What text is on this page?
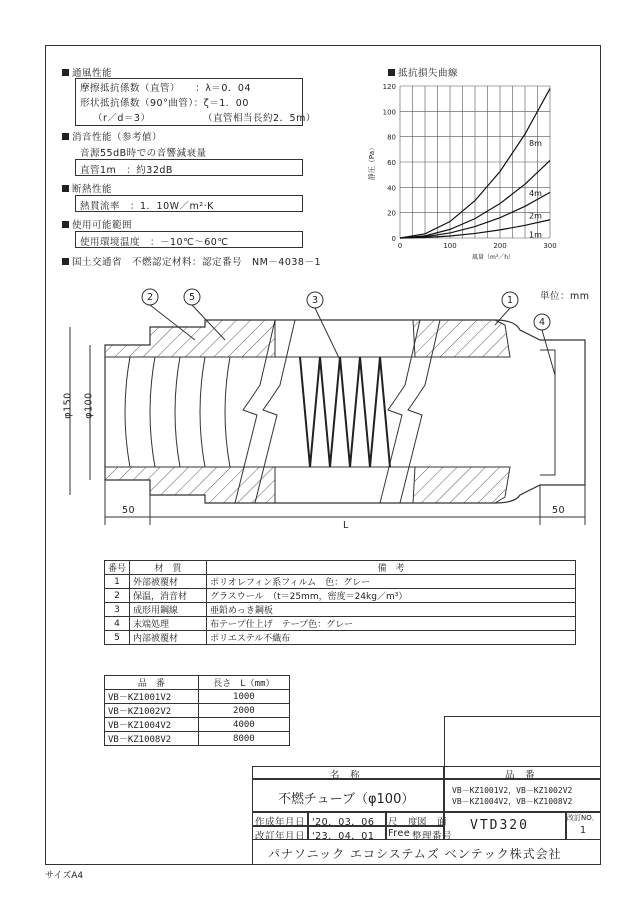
通風性能
摩擦抵抗係数（直管）　　：λ＝0．04
形状抵抗係数（90°曲管）：ζ＝1．00
（r／d＝3）	（直管相当長約2．5m）
消音性能（参考値）
音源55dB時での音響減衰量
直管1m　：約32dB
断熱性能
熱貫流率　：1．10W／m²·K
使用可能範囲
使用環境温度　：－10℃～60℃
国土交通省　不燃認定材料：認定番号　NM－4038－1
抵抗損失曲線
0
20
40
60
80
100
120
0	100	200	300
静圧（Pa）
風量（m³／h）
1m
2m
4m
8m
単位：mm
2	5	3	1
4
φ150 φ100
50
L
50
番号	材　質	備　考
1	外部被覆材	ポリオレフィン系フィルム　色：グレー
2	保温，消音材	グラスウール　（t＝25mm，密度＝24kg／m³）
3	成形用鋼線	亜鉛めっき鋼板
4	末端処理	布テープ仕上げ　テープ色：グレー
5	内部被覆材	ポリエステル不織布
品　番	長さ　L（mm）
VB－KZ1001V2	1000
VB－KZ1002V2	2000
VB－KZ1004V2	4000
VB－KZ1008V2	8000
名　称	品　番
不燃チューブ（φ100）
VB－KZ1001V2，VB－KZ1002V2
VB－KZ1004V2，VB－KZ1008V2
作成年月日 '20．03．06 尺　度
図　面
改訂年月日 '23．04．01 Free 整理番号
VTD320	改訂NO．
1
パナソニック エコシステムズ ベンテック株式会社
サイズA4
